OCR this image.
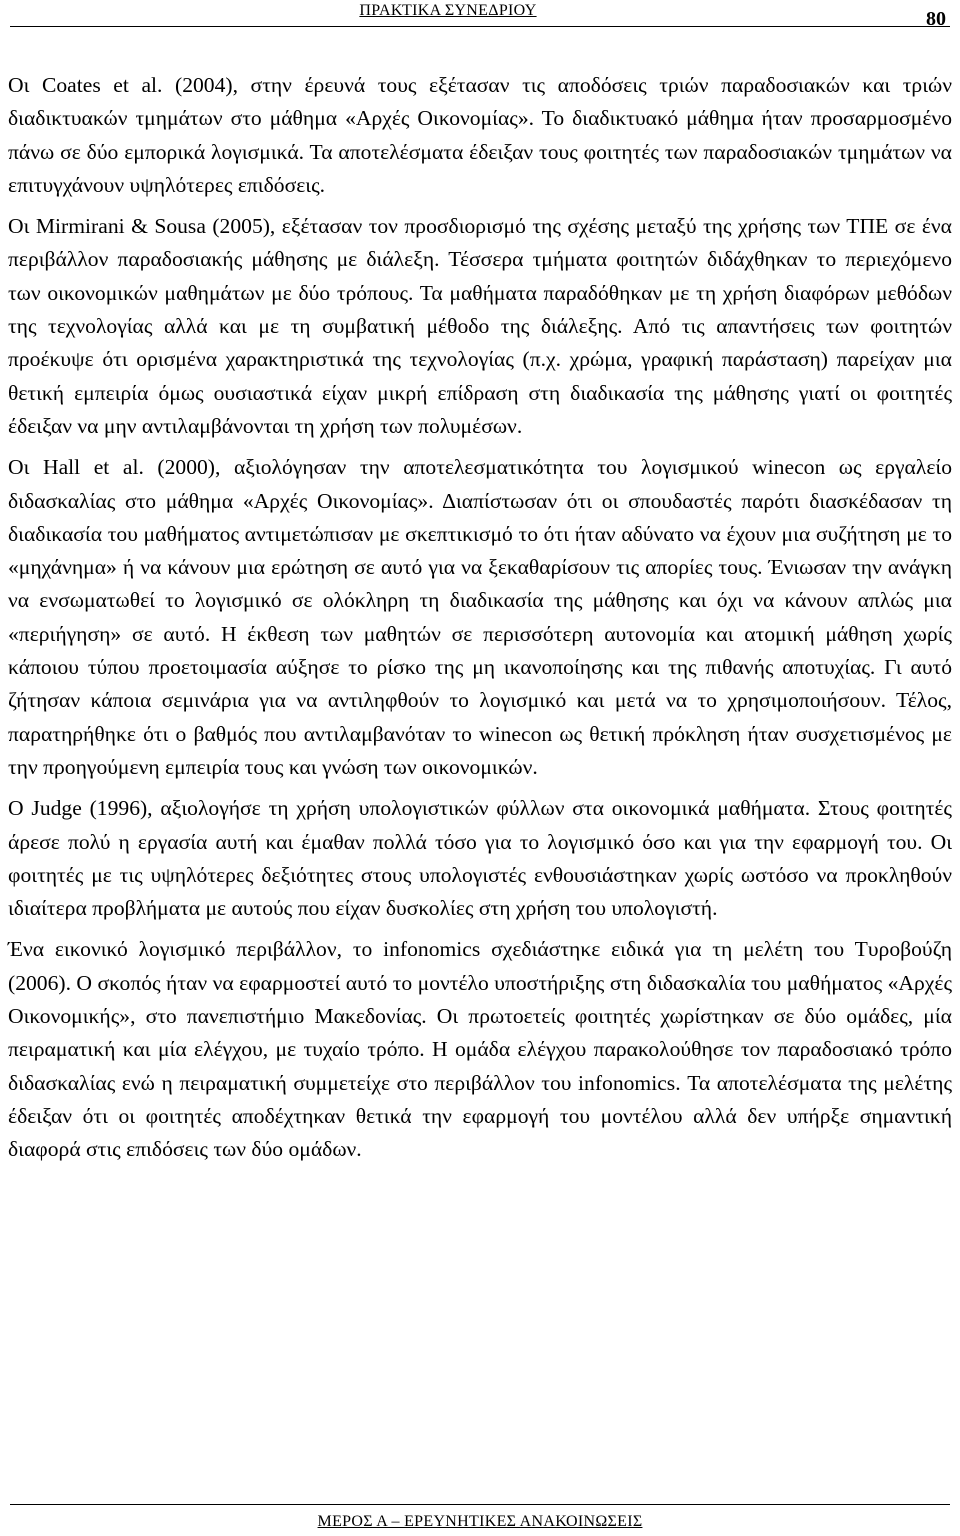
ΠΡΑΚΤΙΚΑ ΣΥΝΕΔΡΙΟΥ	80

Οι Coates et al. (2004), στην έρευνά τους εξέτασαν τις αποδόσεις τριών παραδοσιακών και τριών διαδικτυακών τμημάτων στο μάθημα «Αρχές Οικονομίας». Το διαδικτυακό μάθημα ήταν προσαρμοσμένο πάνω σε δύο εμπορικά λογισμικά. Τα αποτελέσματα έδειξαν τους φοιτητές των παραδοσιακών τμημάτων να επιτυγχάνουν υψηλότερες επιδόσεις.

Οι Mirmirani & Sousa (2005), εξέτασαν τον προσδιορισμό της σχέσης μεταξύ της χρήσης των ΤΠΕ σε ένα περιβάλλον παραδοσιακής μάθησης με διάλεξη. Τέσσερα τμήματα φοιτητών διδάχθηκαν το περιεχόμενο των οικονομικών μαθημάτων με δύο τρόπους. Τα μαθήματα παραδόθηκαν με τη χρήση διαφόρων μεθόδων της τεχνολογίας αλλά και με τη συμβατική μέθοδο της διάλεξης. Από τις απαντήσεις των φοιτητών προέκυψε ότι ορισμένα χαρακτηριστικά της τεχνολογίας (π.χ. χρώμα, γραφική παράσταση) παρείχαν μια θετική εμπειρία όμως ουσιαστικά είχαν μικρή επίδραση στη διαδικασία της μάθησης γιατί οι φοιτητές έδειξαν να μην αντιλαμβάνονται τη χρήση των πολυμέσων.

Οι Hall et al. (2000), αξιολόγησαν την αποτελεσματικότητα του λογισμικού winecon ως εργαλείο διδασκαλίας στο μάθημα «Αρχές Οικονομίας». Διαπίστωσαν ότι οι σπουδαστές παρότι διασκέδασαν τη διαδικασία του μαθήματος αντιμετώπισαν με σκεπτικισμό το ότι ήταν αδύνατο να έχουν μια συζήτηση με το «μηχάνημα» ή να κάνουν μια ερώτηση σε αυτό για να ξεκαθαρίσουν τις απορίες τους. Ένιωσαν την ανάγκη να ενσωματωθεί το λογισμικό σε ολόκληρη τη διαδικασία της μάθησης και όχι να κάνουν απλώς μια «περιήγηση» σε αυτό. Η έκθεση των μαθητών σε περισσότερη αυτονομία και ατομική μάθηση χωρίς κάποιου τύπου προετοιμασία αύξησε το ρίσκο της μη ικανοποίησης και της πιθανής αποτυχίας. Γι αυτό ζήτησαν κάποια σεμινάρια για να αντιληφθούν το λογισμικό και μετά να το χρησιμοποιήσουν. Τέλος, παρατηρήθηκε ότι ο βαθμός που αντιλαμβανόταν το winecon ως θετική πρόκληση ήταν συσχετισμένος με την προηγούμενη εμπειρία τους και γνώση των οικονομικών.

Ο Judge (1996), αξιολογήσε τη χρήση υπολογιστικών φύλλων στα οικονομικά μαθήματα. Στους φοιτητές άρεσε πολύ η εργασία αυτή και έμαθαν πολλά τόσο για το λογισμικό όσο και για την εφαρμογή του. Οι φοιτητές με τις υψηλότερες δεξιότητες στους υπολογιστές ενθουσιάστηκαν χωρίς ωστόσο να προκληθούν ιδιαίτερα προβλήματα με αυτούς που είχαν δυσκολίες στη χρήση του υπολογιστή.

Ένα εικονικό λογισμικό περιβάλλον, το infonomics σχεδιάστηκε ειδικά για τη μελέτη του Τυροβούζη (2006). Ο σκοπός ήταν να εφαρμοστεί αυτό το μοντέλο υποστήριξης στη διδασκαλία του μαθήματος «Αρχές Οικονομικής», στο πανεπιστήμιο Μακεδονίας. Οι πρωτοετείς φοιτητές χωρίστηκαν σε δύο ομάδες, μία πειραματική και μία ελέγχου, με τυχαίο τρόπο. Η ομάδα ελέγχου παρακολούθησε τον παραδοσιακό τρόπο διδασκαλίας ενώ η πειραματική συμμετείχε στο περιβάλλον του infonomics. Τα αποτελέσματα της μελέτης έδειξαν ότι οι φοιτητές αποδέχτηκαν θετικά την εφαρμογή του μοντέλου αλλά δεν υπήρξε σημαντική διαφορά στις επιδόσεις των δύο ομάδων.

ΜΕΡΟΣ Α – ΕΡΕΥΝΗΤΙΚΕΣ ΑΝΑΚΟΙΝΩΣΕΙΣ
